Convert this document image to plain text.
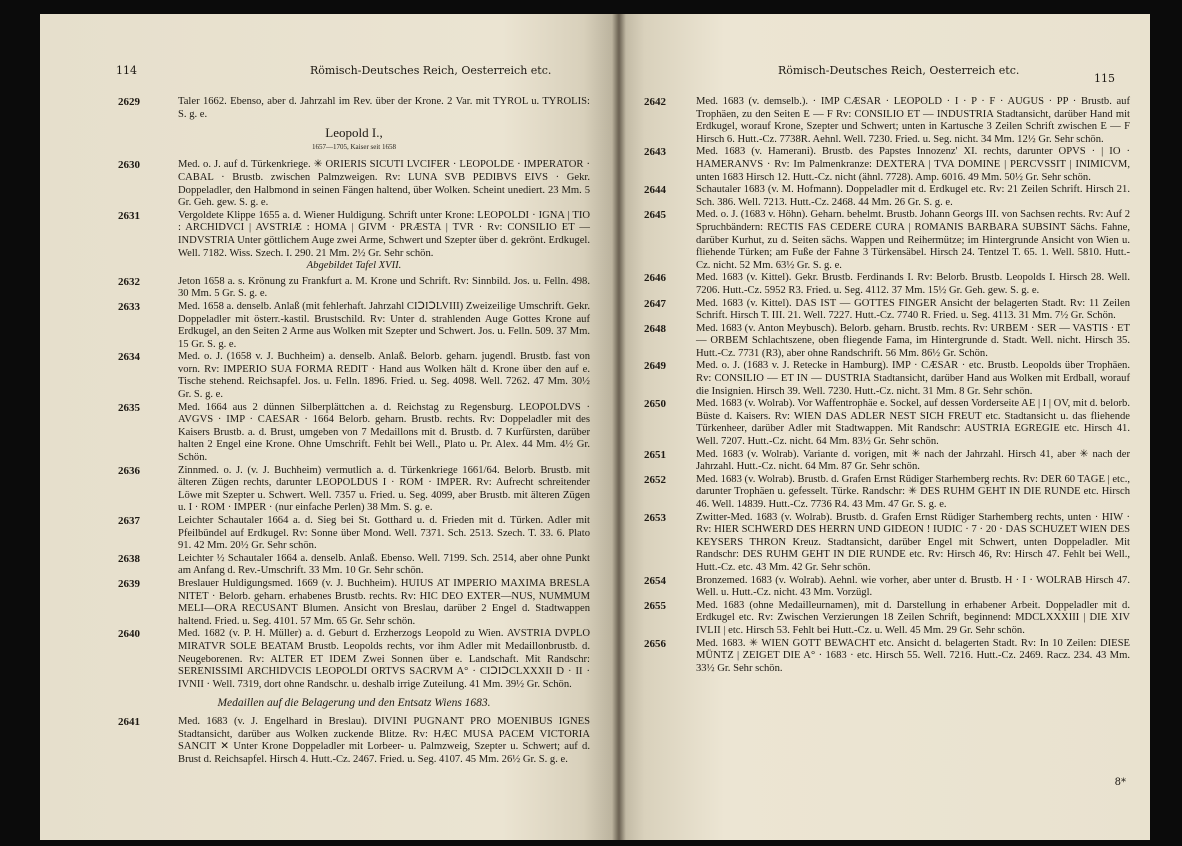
114	Römisch-Deutsches Reich, Oesterreich etc.
2629	Taler 1662. Ebenso, aber d. Jahrzahl im Rev. über der Krone. 2 Var. mit TYROL u. TYROLIS: S. g. e.
Leopold I.,
1657—1705, Kaiser seit 1658
2630	Med. o. J. auf d. Türkenkriege. ✳ ORIERIS SICUTI LVCIFER · LEOPOLDE · IMPERATOR · CABAL · Brustb. zwischen Palmzweigen. Rv: LUNA SVB PEDIBVS EIVS · Gekr. Doppeladler, den Halbmond in seinen Fängen haltend, über Wolken. Scheint unediert. 23 Mm. 5 Gr. Geh. gew. S. g. e.
2631	Vergoldete Klippe 1655 a. d. Wiener Huldigung. Schrift unter Krone: LEOPOLDI · IGNA | TIO : ARCHIDVCI | AVSTRIÆ : HOMA | GIVM · PRÆSTA | TVR · Rv: CONSILIO ET — INDVSTRIA Unter göttlichem Auge zwei Arme, Schwert und Szepter über d. gekrönt. Erdkugel. Well. 7182. Wiss. Szech. I. 290. 21 Mm. 2½ Gr. Sehr schön.
Abgebildet Tafel XVII.
2632	Jeton 1658 a. s. Krönung zu Frankfurt a. M. Krone und Schrift. Rv: Sinnbild. Jos. u. Felln. 498. 30 Mm. 5 Gr. S. g. e.
2633	Med. 1658 a. denselb. Anlaß (mit fehlerhaft. Jahrzahl CIↃIↃLVIII) Zweizeilige Umschrift. Gekr. Doppeladler mit österr.-kastil. Brustschild. Rv: Unter d. strahlenden Auge Gottes Krone auf Erdkugel, an den Seiten 2 Arme aus Wolken mit Szepter und Schwert. Jos. u. Felln. 509. 37 Mm. 15 Gr. S. g. e.
2634	Med. o. J. (1658 v. J. Buchheim) a. denselb. Anlaß. Belorb. geharn. jugendl. Brustb. fast von vorn. Rv: IMPERIO SUA FORMA REDIT · Hand aus Wolken hält d. Krone über den auf e. Tische stehend. Reichsapfel. Jos. u. Felln. 1896. Fried. u. Seg. 4098. Well. 7262. 47 Mm. 30½ Gr. S. g. e.
2635	Med. 1664 aus 2 dünnen Silberplättchen a. d. Reichstag zu Regensburg. LEOPOLDVS · AVGVS · IMP · CAESAR · 1664 Belorb. geharn. Brustb. rechts. Rv: Doppeladler mit des Kaisers Brustb. a. d. Brust, umgeben von 7 Medaillons mit d. Brustb. d. 7 Kurfürsten, darüber halten 2 Engel eine Krone. Ohne Umschrift. Fehlt bei Well., Plato u. Pr. Alex. 44 Mm. 4½ Gr. Schön.
2636	Zinnmed. o. J. (v. J. Buchheim) vermutlich a. d. Türkenkriege 1661/64. Belorb. Brustb. mit älteren Zügen rechts, darunter LEOPOLDUS I · ROM · IMPER. Rv: Aufrecht schreitender Löwe mit Szepter u. Schwert. Well. 7357 u. Fried. u. Seg. 4099, aber Brustb. mit älteren Zügen u. I · ROM · IMPER · (nur einfache Perlen) 38 Mm. S. g. e.
2637	Leichter Schautaler 1664 a. d. Sieg bei St. Gotthard u. d. Frieden mit d. Türken. Adler mit Pfeilbündel auf Erdkugel. Rv: Sonne über Mond. Well. 7371. Sch. 2513. Szech. T. 33. 6. Plato 91. 42 Mm. 20½ Gr. Sehr schön.
2638	Leichter ½ Schautaler 1664 a. denselb. Anlaß. Ebenso. Well. 7199. Sch. 2514, aber ohne Punkt am Anfang d. Rev.-Umschrift. 33 Mm. 10 Gr. Sehr schön.
2639	Breslauer Huldigungsmed. 1669 (v. J. Buchheim). HUIUS AT IMPERIO MAXIMA BRESLA NITET · Belorb. geharn. erhabenes Brustb. rechts. Rv: HIC DEO EXTER—NUS, NUMMUM MELI—ORA RECUSANT Blumen. Ansicht von Breslau, darüber 2 Engel d. Stadtwappen haltend. Fried. u. Seg. 4101. 57 Mm. 65 Gr. Sehr schön.
2640	Med. 1682 (v. P. H. Müller) a. d. Geburt d. Erzherzogs Leopold zu Wien. AVSTRIA DVPLO MIRATVR SOLE BEATAM Brustb. Leopolds rechts, vor ihm Adler mit Medaillonbrustb. d. Neugeborenen. Rv: ALTER ET IDEM Zwei Sonnen über e. Landschaft. Mit Randschr: SERENISSIMI ARCHIDVCIS LEOPOLDI ORTVS SACRVM A° · CIↃIↃCLXXXII D · II · IVNII · Well. 7319, dort ohne Randschr. u. deshalb irrige Zuteilung. 41 Mm. 39½ Gr. Schön.
Medaillen auf die Belagerung und den Entsatz Wiens 1683.
2641	Med. 1683 (v. J. Engelhard in Breslau). DIVINI PUGNANT PRO MOENIBUS IGNES Stadtansicht, darüber aus Wolken zuckende Blitze. Rv: HÆC MUSA PACEM VICTORIA SANCIT ✕ Unter Krone Doppeladler mit Lorbeer- u. Palmzweig, Szepter u. Schwert; auf d. Brust d. Reichsapfel. Hirsch 4. Hutt.-Cz. 2467. Fried. u. Seg. 4107. 45 Mm. 26½ Gr. S. g. e.
Römisch-Deutsches Reich, Oesterreich etc.
115
2642	Med. 1683 (v. demselb.). · IMP CÆSAR · LEOPOLD · I · P · F · AUGUS · PP · Brustb. auf Trophäen, zu den Seiten E — F Rv: CONSILIO ET — INDUSTRIA Stadtansicht, darüber Hand mit Erdkugel, worauf Krone, Szepter und Schwert; unten in Kartusche 3 Zeilen Schrift zwischen E — F Hirsch 6. Hutt.-Cz. 7738R. Aehnl. Well. 7230. Fried. u. Seg. nicht. 34 Mm. 12½ Gr. Sehr schön.
2643	Med. 1683 (v. Hamerani). Brustb. des Papstes Innozenz' XI. rechts, darunter OPVS · | IO · HAMERANVS · Rv: Im Palmenkranze: DEXTERA | TVA DOMINE | PERCVSSIT | INIMICVM, unten 1683 Hirsch 12. Hutt.-Cz. nicht (ähnl. 7728). Amp. 6016. 49 Mm. 50½ Gr. Sehr schön.
2644	Schautaler 1683 (v. M. Hofmann). Doppeladler mit d. Erdkugel etc. Rv: 21 Zeilen Schrift. Hirsch 21. Sch. 386. Well. 7213. Hutt.-Cz. 2468. 44 Mm. 26 Gr. S. g. e.
2645	Med. o. J. (1683 v. Höhn). Geharn. behelmt. Brustb. Johann Georgs III. von Sachsen rechts. Rv: Auf 2 Spruchbändern: RECTIS FAS CEDERE CURA | ROMANIS BARBARA SUBSINT Sächs. Fahne, darüber Kurhut, zu d. Seiten sächs. Wappen und Reihermütze; im Hintergrunde Ansicht von Wien u. fliehende Türken; am Fuße der Fahne 3 Türkensäbel. Hirsch 24. Tentzel T. 65. 1. Well. 5810. Hutt.-Cz. nicht. 52 Mm. 63½ Gr. S. g. e.
2646	Med. 1683 (v. Kittel). Gekr. Brustb. Ferdinands I. Rv: Belorb. Brustb. Leopolds I. Hirsch 28. Well. 7206. Hutt.-Cz. 5952 R3. Fried. u. Seg. 4112. 37 Mm. 15½ Gr. Geh. gew. S. g. e.
2647	Med. 1683 (v. Kittel). DAS IST — GOTTES FINGER Ansicht der belagerten Stadt. Rv: 11 Zeilen Schrift. Hirsch T. III. 21. Well. 7227. Hutt.-Cz. 7740 R. Fried. u. Seg. 4113. 31 Mm. 7½ Gr. Schön.
2648	Med. 1683 (v. Anton Meybusch). Belorb. geharn. Brustb. rechts. Rv: URBEM · SER — VASTIS · ET — ORBEM Schlachtszene, oben fliegende Fama, im Hintergrunde d. Stadt. Well. nicht. Hirsch 35. Hutt.-Cz. 7731 (R3), aber ohne Randschrift. 56 Mm. 86½ Gr. Schön.
2649	Med. o. J. (1683 v. J. Retecke in Hamburg). IMP · CÆSAR · etc. Brustb. Leopolds über Trophäen. Rv: CONSILIO — ET IN — DUSTRIA Stadtansicht, darüber Hand aus Wolken mit Erdball, worauf die Insignien. Hirsch 39. Well. 7230. Hutt.-Cz. nicht. 31 Mm. 8 Gr. Sehr schön.
2650	Med. 1683 (v. Wolrab). Vor Waffentrophäe e. Sockel, auf dessen Vorderseite AE | I | OV, mit d. belorb. Büste d. Kaisers. Rv: WIEN DAS ADLER NEST SICH FREUT etc. Stadtansicht u. das fliehende Türkenheer, darüber Adler mit Stadtwappen. Mit Randschr: AUSTRIA EGREGIE etc. Hirsch 41. Well. 7207. Hutt.-Cz. nicht. 64 Mm. 83½ Gr. Sehr schön.
2651	Med. 1683 (v. Wolrab). Variante d. vorigen, mit ✳ nach der Jahrzahl. Hirsch 41, aber ✳ nach der Jahrzahl. Hutt.-Cz. nicht. 64 Mm. 87 Gr. Sehr schön.
2652	Med. 1683 (v. Wolrab). Brustb. d. Grafen Ernst Rüdiger Starhemberg rechts. Rv: DER 60 TAGE | etc., darunter Trophäen u. gefesselt. Türke. Randschr: ✳ DES RUHM GEHT IN DIE RUNDE etc. Hirsch 46. Well. 14839. Hutt.-Cz. 7736 R4. 43 Mm. 47 Gr. S. g. e.
2653	Zwitter-Med. 1683 (v. Wolrab). Brustb. d. Grafen Ernst Rüdiger Starhemberg rechts, unten · HIW · Rv: HIER SCHWERD DES HERRN UND GIDEON ! IUDIC · 7 · 20 · DAS SCHUZET WIEN DES KEYSERS THRON Kreuz. Stadtansicht, darüber Engel mit Schwert, unten Doppeladler. Mit Randschr: DES RUHM GEHT IN DIE RUNDE etc. Rv: Hirsch 46, Rv: Hirsch 47. Fehlt bei Well., Hutt.-Cz. etc. 43 Mm. 42 Gr. Sehr schön.
2654	Bronzemed. 1683 (v. Wolrab). Aehnl. wie vorher, aber unter d. Brustb. H · I · WOLRAB Hirsch 47. Well. u. Hutt.-Cz. nicht. 43 Mm. Vorzügl.
2655	Med. 1683 (ohne Medailleurnamen), mit d. Darstellung in erhabener Arbeit. Doppeladler mit d. Erdkugel etc. Rv: Zwischen Verzierungen 18 Zeilen Schrift, beginnend: MDCLXXXIII | DIE XIV IVLII | etc. Hirsch 53. Fehlt bei Hutt.-Cz. u. Well. 45 Mm. 29 Gr. Sehr schön.
2656	Med. 1683. ✳ WIEN GOTT BEWACHT etc. Ansicht d. belagerten Stadt. Rv: In 10 Zeilen: DIESE MÜNTZ | ZEIGET DIE A° · 1683 · etc. Hirsch 55. Well. 7216. Hutt.-Cz. 2469. Racz. 234. 43 Mm. 33½ Gr. Sehr schön.
8*
